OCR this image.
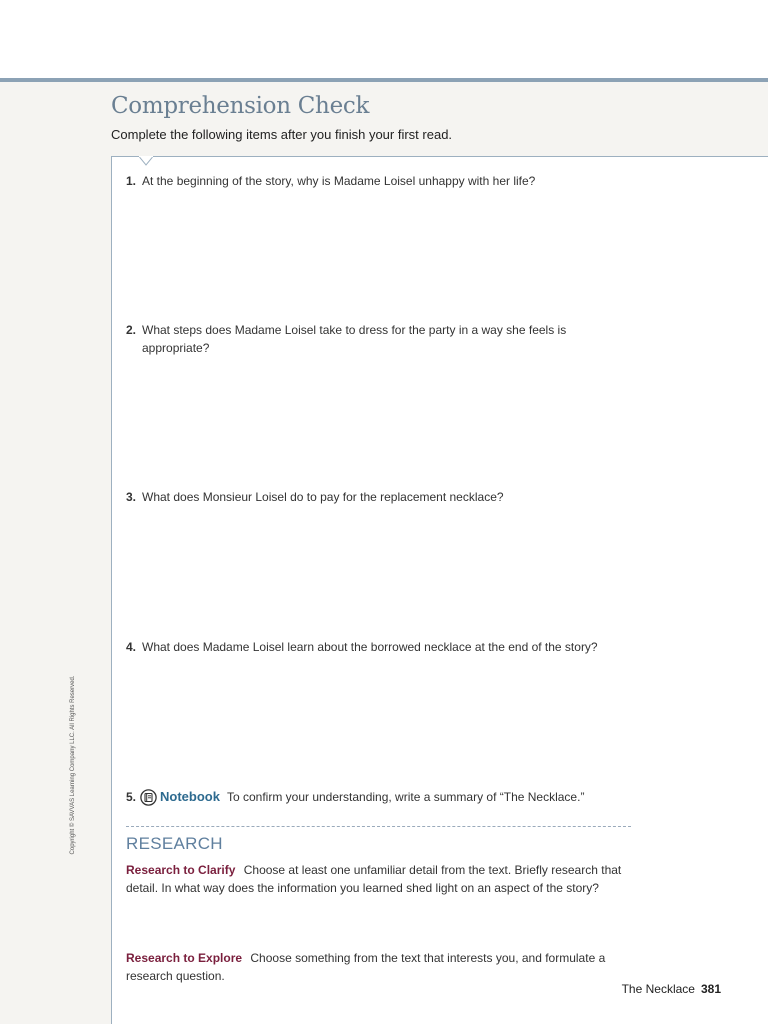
Comprehension Check
Complete the following items after you finish your first read.
1. At the beginning of the story, why is Madame Loisel unhappy with her life?
2. What steps does Madame Loisel take to dress for the party in a way she feels is
appropriate?
3. What does Monsieur Loisel do to pay for the replacement necklace?
4. What does Madame Loisel learn about the borrowed necklace at the end of the story?
5. Notebook To confirm your understanding, write a summary of “The Necklace.”
RESEARCH
Research to Clarify Choose at least one unfamiliar detail from the text. Briefly research that detail. In what way does the information you learned shed light on an aspect of the story?
Research to Explore Choose something from the text that interests you, and formulate a research question.
Copyright © SAVVAS Learning Company LLC. All Rights Reserved.
The Necklace 381
